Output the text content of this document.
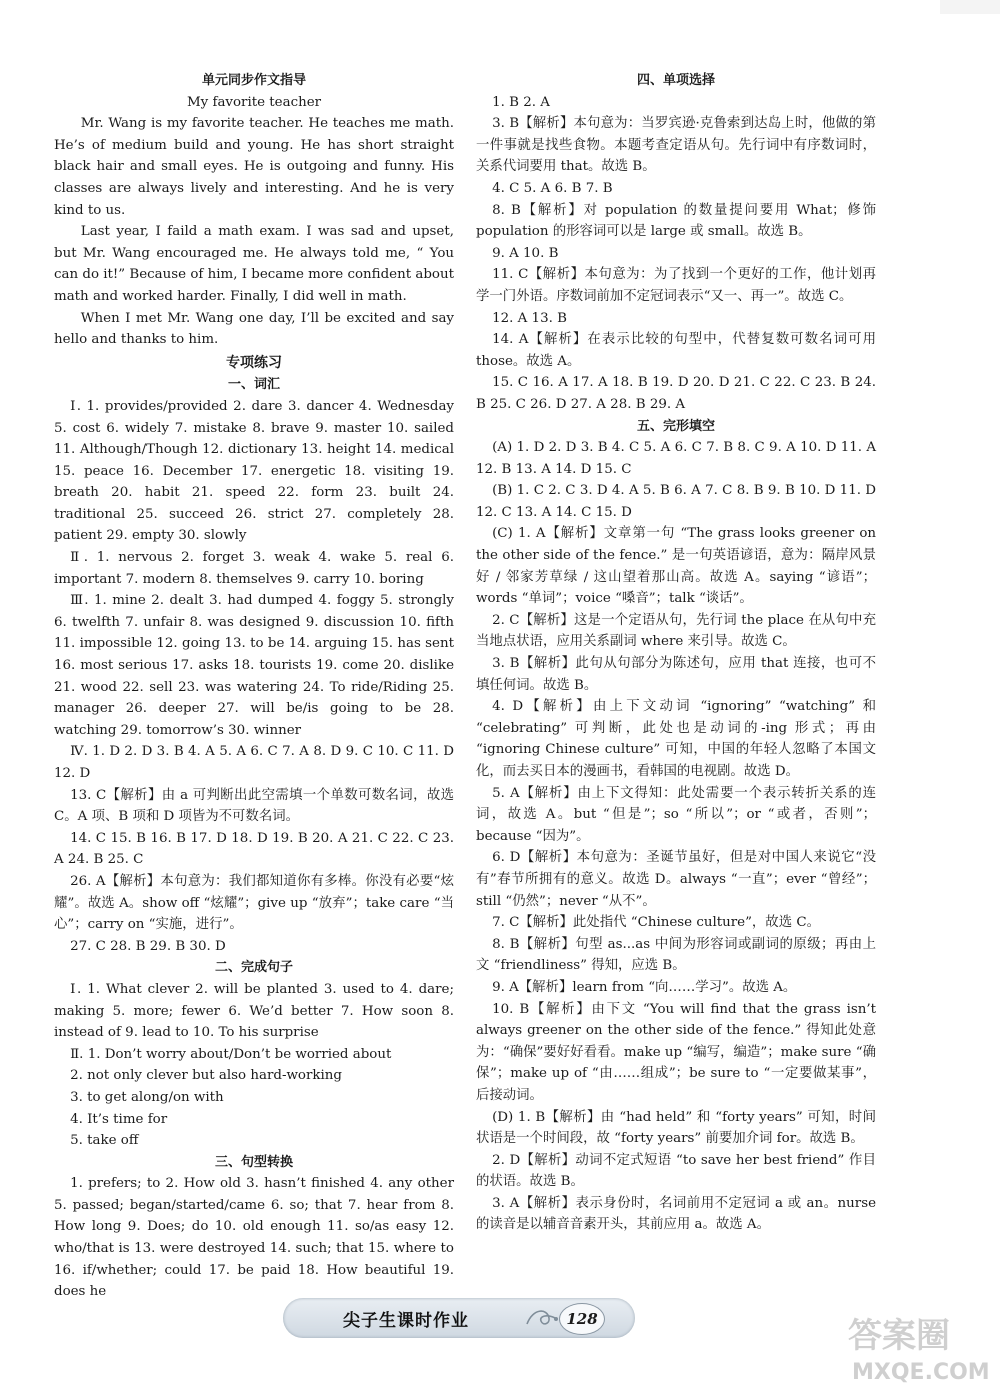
单元同步作文指导

My favorite teacher

Mr. Wang is my favorite teacher. He teaches me math. He’s of medium build and young. He has short straight black hair and small eyes. He is outgoing and funny. His classes are always lively and interesting. And he is very kind to us.

Last year, I faild a math exam. I was sad and upset, but Mr. Wang encouraged me. He always told me, “ You can do it!” Because of him, I became more confident about math and worked harder. Finally, I did well in math.

When I met Mr. Wang one day, I’ll be excited and say hello and thanks to him.

专项练习

一、词汇

Ⅰ. 1. provides/provided 2. dare 3. dancer 4. Wednesday 5. cost 6. widely 7. mistake 8. brave 9. master 10. sailed 11. Although/Though 12. dictionary 13. height 14. medical 15. peace 16. December 17. energetic 18. visiting 19. breath 20. habit 21. speed 22. form 23. built 24. traditional 25. succeed 26. strict 27. completely 28. patient 29. empty 30. slowly

Ⅱ. 1. nervous 2. forget 3. weak 4. wake 5. real 6. important 7. modern 8. themselves 9. carry 10. boring

Ⅲ. 1. mine 2. dealt 3. had dumped 4. foggy 5. strongly 6. twelfth 7. unfair 8. was designed 9. discussion 10. fifth 11. impossible 12. going 13. to be 14. arguing 15. has sent 16. most serious 17. asks 18. tourists 19. come 20. dislike 21. wood 22. sell 23. was watering 24. To ride/Riding 25. manager 26. deeper 27. will be/is going to be 28. watching 29. tomorrow’s 30. winner

Ⅳ. 1. D 2. D 3. B 4. A 5. A 6. C 7. A 8. D 9. C 10. C 11. D 12. D

13. C【解析】由 a 可判断出此空需填一个单数可数名词，故选 C。A 项、B 项和 D 项皆为不可数名词。

14. C 15. B 16. B 17. D 18. D 19. B 20. A 21. C 22. C 23. A 24. B 25. C

26. A【解析】本句意为：我们都知道你有多棒。你没有必要“炫耀”。故选 A。show off “炫耀”；give up “放弃”；take care “当心”；carry on “实施，进行”。

27. C 28. B 29. B 30. D

二、完成句子

Ⅰ. 1. What clever 2. will be planted 3. used to 4. dare; making 5. more; fewer 6. We’d better 7. How soon 8. instead of 9. lead to 10. To his surprise

Ⅱ. 1. Don’t worry about/Don’t be worried about

2. not only clever but also hard-working

3. to get along/on with

4. It’s time for

5. take off

三、句型转换

1. prefers; to 2. How old 3. hasn’t finished 4. any other 5. passed; began/started/came 6. so; that 7. hear from 8. How long 9. Does; do 10. old enough 11. so/as easy 12. who/that is 13. were destroyed 14. such; that 15. where to 16. if/whether; could 17. be paid 18. How beautiful 19. does he

四、单项选择

1. B 2. A

3. B【解析】本句意为：当罗宾逊·克鲁索到达岛上时，他做的第一件事就是找些食物。本题考查定语从句。先行词中有序数词时，关系代词要用 that。故选 B。

4. C 5. A 6. B 7. B

8. B【解析】对 population 的数量提问要用 What；修饰 population 的形容词可以是 large 或 small。故选 B。

9. A 10. B

11. C【解析】本句意为：为了找到一个更好的工作，他计划再学一门外语。序数词前加不定冠词表示“又一、再一”。故选 C。

12. A 13. B

14. A【解析】在表示比较的句型中，代替复数可数名词可用 those。故选 A。

15. C 16. A 17. A 18. B 19. D 20. D 21. C 22. C 23. B 24. B 25. C 26. D 27. A 28. B 29. A

五、完形填空

(A) 1. D 2. D 3. B 4. C 5. A 6. C 7. B 8. C 9. A 10. D 11. A 12. B 13. A 14. D 15. C

(B) 1. C 2. C 3. D 4. A 5. B 6. A 7. C 8. B 9. B 10. D 11. D 12. C 13. A 14. C 15. D

(C) 1. A【解析】文章第一句 “The grass looks greener on the other side of the fence.” 是一句英语谚语，意为：隔岸风景好 / 邻家芳草绿 / 这山望着那山高。故选 A。saying “谚语”；words “单词”；voice “嗓音”；talk “谈话”。

2. C【解析】这是一个定语从句，先行词 the place 在从句中充当地点状语，应用关系副词 where 来引导。故选 C。

3. B【解析】此句从句部分为陈述句，应用 that 连接，也可不填任何词。故选 B。

4. D【解析】由上下文动词 “ignoring” “watching” 和 “celebrating” 可判断，此处也是动词的-ing 形式；再由 “ignoring Chinese culture” 可知，中国的年轻人忽略了本国文化，而去买日本的漫画书，看韩国的电视剧。故选 D。

5. A【解析】由上下文得知：此处需要一个表示转折关系的连词，故选 A。but “但是”；so “所以”；or “或者，否则”；because “因为”。

6. D【解析】本句意为：圣诞节虽好，但是对中国人来说它“没有”春节所拥有的意义。故选 D。always “一直”；ever “曾经”；still “仍然”；never “从不”。

7. C【解析】此处指代 “Chinese culture”，故选 C。

8. B【解析】句型 as...as 中间为形容词或副词的原级；再由上文 “friendliness” 得知，应选 B。

9. A【解析】learn from “向……学习”。故选 A。

10. B【解析】由下文 “You will find that the grass isn’t always greener on the other side of the fence.” 得知此处意为：“确保”要好好看看。make up “编写，编造”；make sure “确保”；make up of “由……组成”；be sure to “一定要做某事”，后接动词。

(D) 1. B【解析】由 “had held” 和 “forty years” 可知，时间状语是一个时间段，故 “forty years” 前要加介词 for。故选 B。

2. D【解析】动词不定式短语 “to save her best friend” 作目的状语。故选 B。

3. A【解析】表示身份时，名词前用不定冠词 a 或 an。nurse 的读音是以辅音音素开头，其前应用 a。故选 A。

尖子生课时作业	128	答案圈
MXQE.COM
